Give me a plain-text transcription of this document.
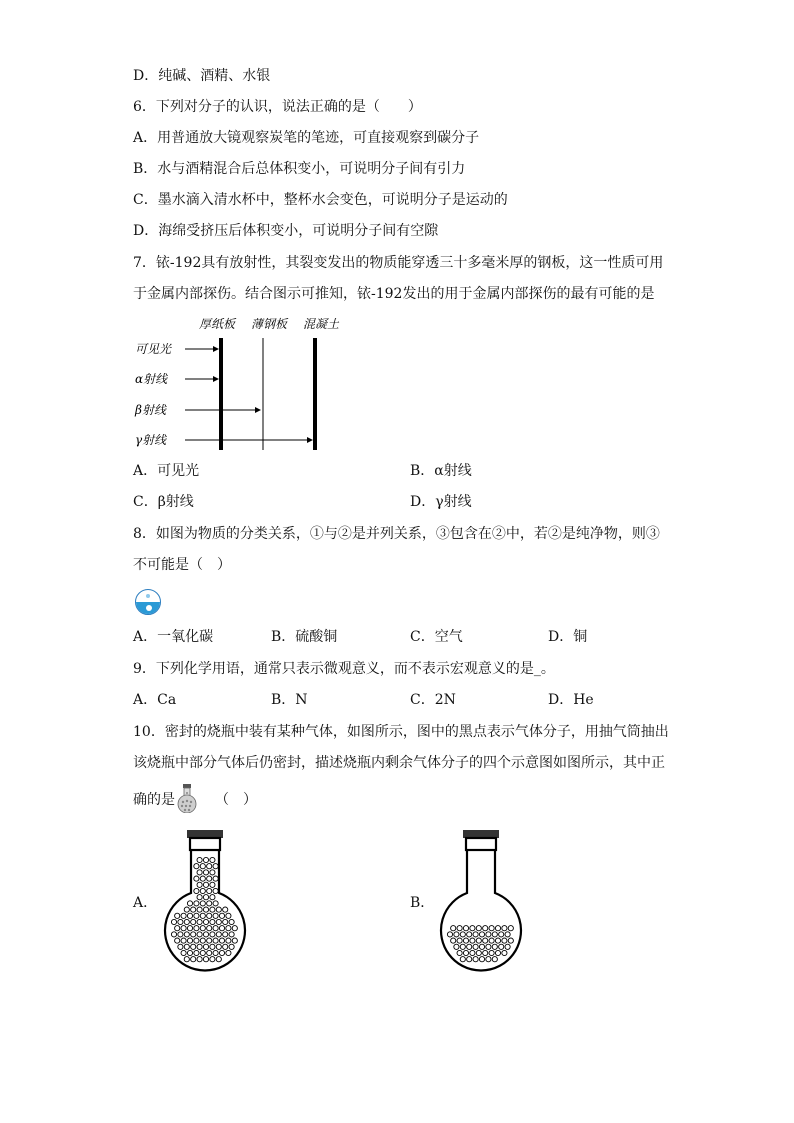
D．纯碱、酒精、水银
6．下列对分子的认识，说法正确的是（　　）
A．用普通放大镜观察炭笔的笔迹，可直接观察到碳分子
B．水与酒精混合后总体积变小，可说明分子间有引力
C．墨水滴入清水杯中，整杯水会变色，可说明分子是运动的
D．海绵受挤压后体积变小，可说明分子间有空隙
7．铱-192具有放射性，其裂变发出的物质能穿透三十多毫米厚的钢板，这一性质可用
于金属内部探伤。结合图示可推知，铱-192发出的用于金属内部探伤的最有可能的是
厚纸板 薄钢板 混凝土
可见光
α射线
β射线
γ射线
A．可见光	B．α射线
C．β射线	D．γ射线
8．如图为物质的分类关系，①与②是并列关系，③包含在②中，若②是纯净物，则③
不可能是（　）
A．一氧化碳	B．硫酸铜	C．空气	D．铜
9．下列化学用语，通常只表示微观意义，而不表示宏观意义的是_。
A．Ca	B．N	C．2N	D．He
10．密封的烧瓶中装有某种气体，如图所示，图中的黑点表示气体分子，用抽气筒抽出
该烧瓶中部分气体后仍密封，描述烧瓶内剩余气体分子的四个示意图如图所示，其中正
确的是	（　）
A．	B．
